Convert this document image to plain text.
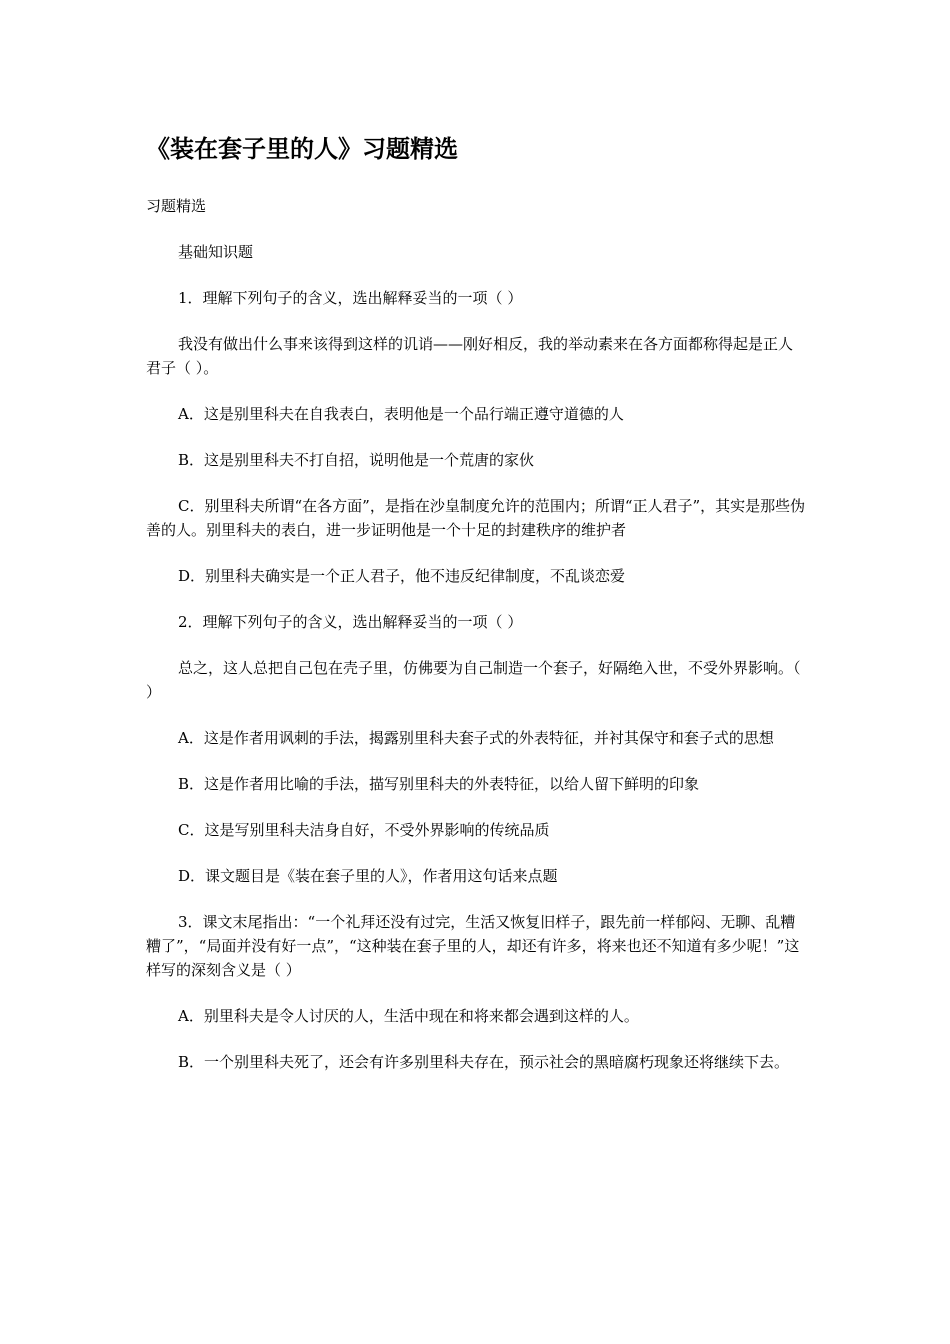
《装在套子里的人》习题精选

习题精选

基础知识题

1．理解下列句子的含义，选出解释妥当的一项（ ）

我没有做出什么事来该得到这样的讥诮——刚好相反，我的举动素来在各方面都称得起是正人君子（ ）。

A．这是别里科夫在自我表白，表明他是一个品行端正遵守道德的人

B．这是别里科夫不打自招，说明他是一个荒唐的家伙

C．别里科夫所谓“在各方面”，是指在沙皇制度允许的范围内；所谓“正人君子”，其实是那些伪善的人。别里科夫的表白，进一步证明他是一个十足的封建秩序的维护者

D．别里科夫确实是一个正人君子，他不违反纪律制度，不乱谈恋爱

2．理解下列句子的含义，选出解释妥当的一项（ ）

总之，这人总把自己包在壳子里，仿佛要为自己制造一个套子，好隔绝入世，不受外界影响。（ ）

A．这是作者用讽刺的手法，揭露别里科夫套子式的外表特征，并衬其保守和套子式的思想

B．这是作者用比喻的手法，描写别里科夫的外表特征，以给人留下鲜明的印象

C．这是写别里科夫洁身自好，不受外界影响的传统品质

D．课文题目是《装在套子里的人》，作者用这句话来点题

3．课文末尾指出：“一个礼拜还没有过完，生活又恢复旧样子，跟先前一样郁闷、无聊、乱糟糟了”，“局面并没有好一点”，“这种装在套子里的人，却还有许多，将来也还不知道有多少呢！”这样写的深刻含义是（ ）

A．别里科夫是令人讨厌的人，生活中现在和将来都会遇到这样的人。

B．一个别里科夫死了，还会有许多别里科夫存在，预示社会的黑暗腐朽现象还将继续下去。
